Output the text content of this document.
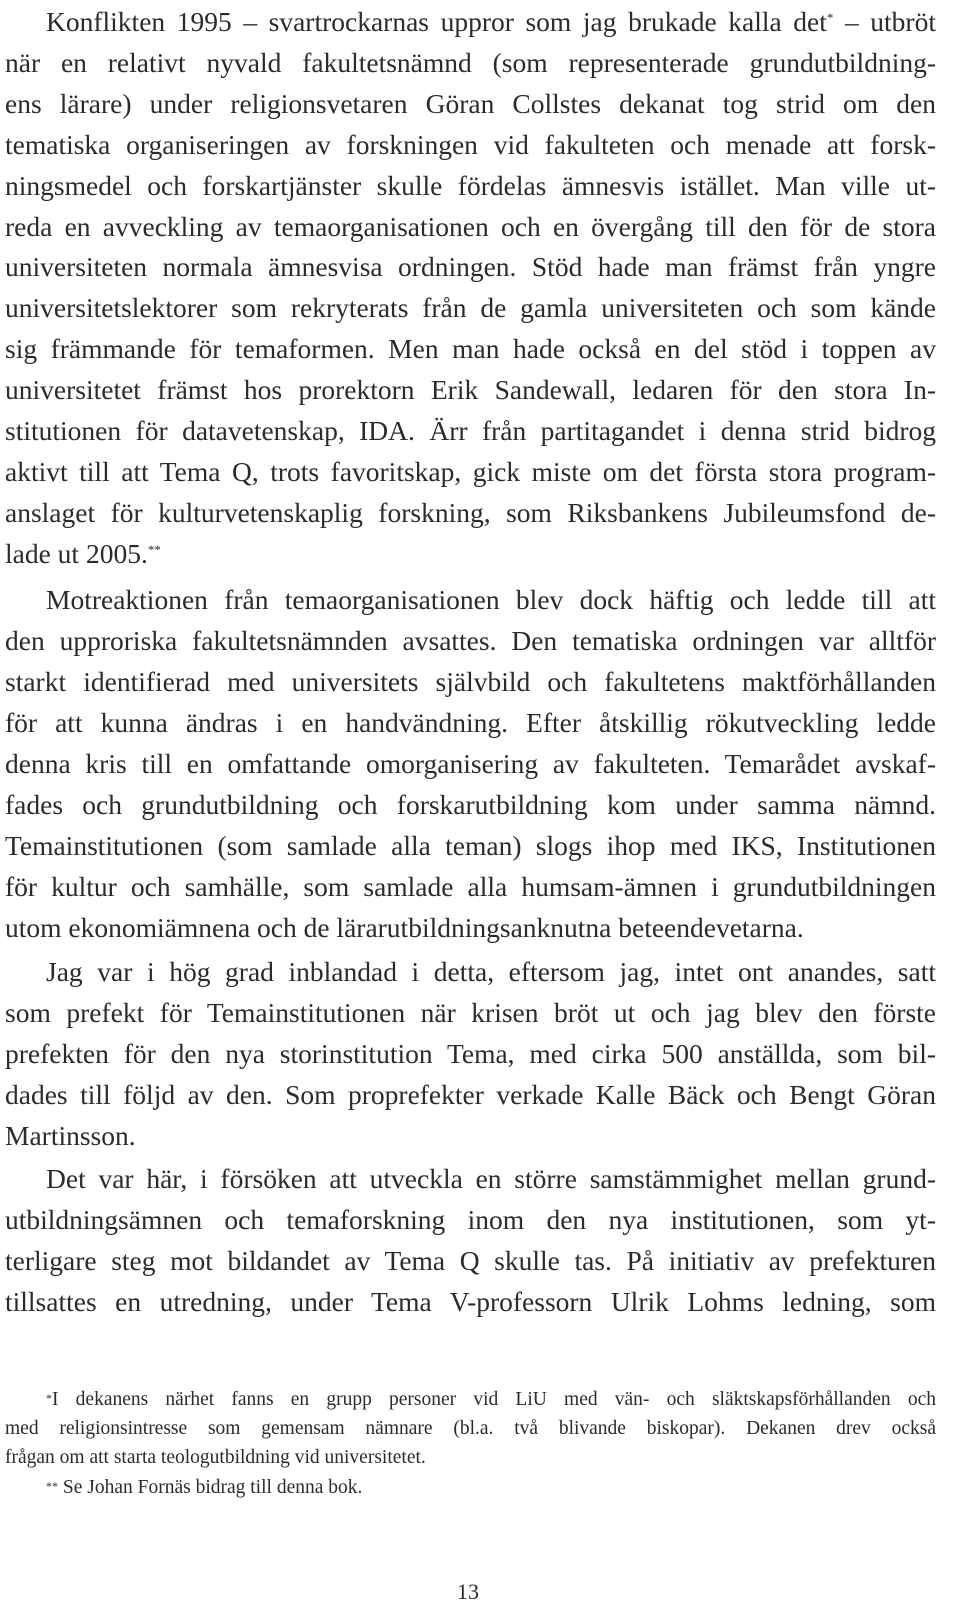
Konflikten 1995 – svartrockarnas uppror som jag brukade kalla det* – utbröt
när en relativt nyvald fakultetsnämnd (som representerade grundutbildning-
ens lärare) under religionsvetaren Göran Collstes dekanat tog strid om den
tematiska organiseringen av forskningen vid fakulteten och menade att forsk-
ningsmedel och forskartjänster skulle fördelas ämnesvis istället. Man ville ut-
reda en avveckling av temaorganisationen och en övergång till den för de stora
universiteten normala ämnesvisa ordningen. Stöd hade man främst från yngre
universitetslektorer som rekryterats från de gamla universiteten och som kände
sig främmande för temaformen. Men man hade också en del stöd i toppen av
universitetet främst hos prorektorn Erik Sandewall, ledaren för den stora In-
stitutionen för datavetenskap, IDA. Ärr från partitagandet i denna strid bidrog
aktivt till att Tema Q, trots favoritskap, gick miste om det första stora program-
anslaget för kulturvetenskaplig forskning, som Riksbankens Jubileumsfond de-
lade ut 2005.**
Motreaktionen från temaorganisationen blev dock häftig och ledde till att
den upproriska fakultetsnämnden avsattes. Den tematiska ordningen var alltför
starkt identifierad med universitets självbild och fakultetens maktförhållanden
för att kunna ändras i en handvändning. Efter åtskillig rökutveckling ledde
denna kris till en omfattande omorganisering av fakulteten. Temarådet avskaf-
fades och grundutbildning och forskarutbildning kom under samma nämnd.
Temainstitutionen (som samlade alla teman) slogs ihop med IKS, Institutionen
för kultur och samhälle, som samlade alla humsam-ämnen i grundutbildningen
utom ekonomiämnena och de lärarutbildningsanknutna beteendevetarna.
Jag var i hög grad inblandad i detta, eftersom jag, intet ont anandes, satt
som prefekt för Temainstitutionen när krisen bröt ut och jag blev den förste
prefekten för den nya storinstitution Tema, med cirka 500 anställda, som bil-
dades till följd av den. Som proprefekter verkade Kalle Bäck och Bengt Göran
Martinsson.
Det var här, i försöken att utveckla en större samstämmighet mellan grund-
utbildningsämnen och temaforskning inom den nya institutionen, som yt-
terligare steg mot bildandet av Tema Q skulle tas. På initiativ av prefekturen
tillsattes en utredning, under Tema V-professorn Ulrik Lohms ledning, som
*I dekanens närhet fanns en grupp personer vid LiU med vän- och släktskapsförhållanden och
med religionsintresse som gemensam nämnare (bl.a. två blivande biskopar). Dekanen drev också
frågan om att starta teologutbildning vid universitetet.
** Se Johan Fornäs bidrag till denna bok.
13
